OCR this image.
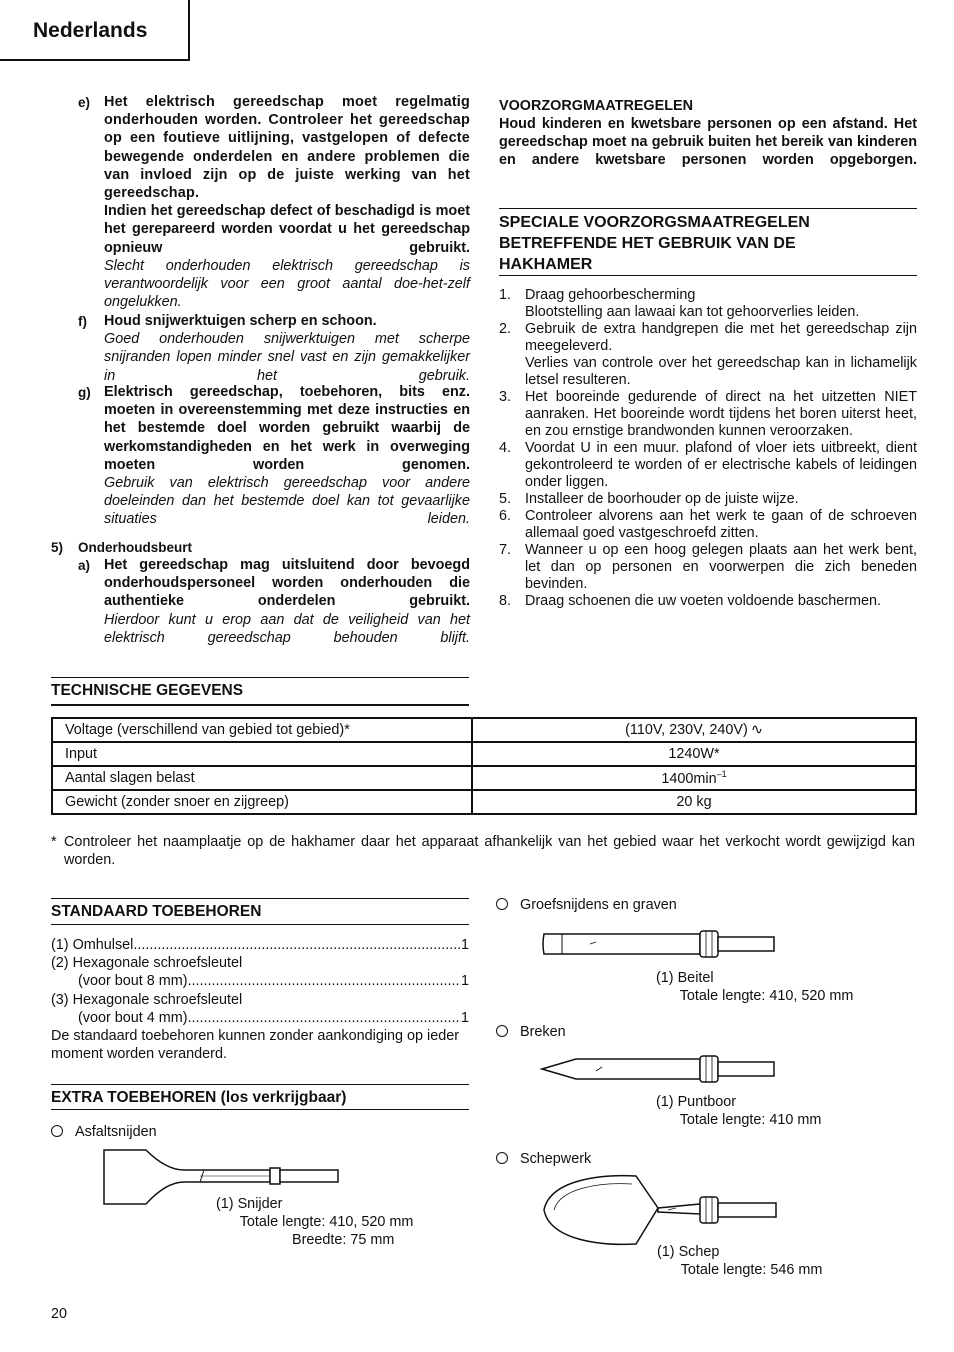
Nederlands
e) Het elektrisch gereedschap moet regelmatig onderhouden worden. Controleer het gereedschap op een foutieve uitlijning, vastgelopen of defecte bewegende onderdelen en andere problemen die van invloed zijn op de juiste werking van het gereedschap.
Indien het gereedschap defect of beschadigd is moet het gerepareerd worden voordat u het gereedschap opnieuw gebruikt.
Slecht onderhouden elektrisch gereedschap is verantwoordelijk voor een groot aantal doe-het-zelf ongelukken.
f) Houd snijwerktuigen scherp en schoon.
Goed onderhouden snijwerktuigen met scherpe snijranden lopen minder snel vast en zijn gemakkelijker in het gebruik.
g) Elektrisch gereedschap, toebehoren, bits enz. moeten in overeenstemming met deze instructies en het bestemde doel worden gebruikt waarbij de werkomstandigheden en het werk in overweging moeten worden genomen.
Gebruik van elektrisch gereedschap voor andere doeleinden dan het bestemde doel kan tot gevaarlijke situaties leiden.
5) Onderhoudsbeurt
a) Het gereedschap mag uitsluitend door bevoegd onderhoudspersoneel worden onderhouden die authentieke onderdelen gebruikt.
Hierdoor kunt u erop aan dat de veiligheid van het elektrisch gereedschap behouden blijft.
VOORZORGMAATREGELEN
Houd kinderen en kwetsbare personen op een afstand. Het gereedschap moet na gebruik buiten het bereik van kinderen en andere kwetsbare personen worden opgeborgen.
SPECIALE VOORZORGSMAATREGELEN BETREFFENDE HET GEBRUIK VAN DE HAKHAMER
1. Draag gehoorbescherming
Blootstelling aan lawaai kan tot gehoorverlies leiden.
2. Gebruik de extra handgrepen die met het gereedschap zijn meegeleverd.
Verlies van controle over het gereedschap kan in lichamelijk letsel resulteren.
3. Het booreinde gedurende of direct na het uitzetten NIET aanraken. Het booreinde wordt tijdens het boren uiterst heet, en zou ernstige brandwonden kunnen veroorzaken.
4. Voordat U in een muur. plafond of vloer iets uitbreekt, dient gekontroleerd te worden of er electrische kabels of leidingen onder liggen.
5. Installeer de boorhouder op de juiste wijze.
6. Controleer alvorens aan het werk te gaan of de schroeven allemaal goed vastgeschroefd zitten.
7. Wanneer u op een hoog gelegen plaats aan het werk bent, let dan op personen en voorwerpen die zich beneden bevinden.
8. Draag schoenen die uw voeten voldoende baschermen.
TECHNISCHE GEGEVENS
Voltage (verschillend van gebied tot gebied)*	(110V, 230V, 240V) ∿
Input	1240W*
Aantal slagen belast	$1400\min^{-1}$
Gewicht (zonder snoer en zijgreep)	20 kg
* Controleer het naamplaatje op de hakhamer daar het apparaat afhankelijk van het gebied waar het verkocht wordt gewijzigd kan worden.
STANDAARD TOEBEHOREN
(1) Omhulsel .....	1
(2) Hexagonale schroefsleutel
(voor bout 8 mm) .....	1
(3) Hexagonale schroefsleutel
(voor bout 4 mm) .....	1
De standaard toebehoren kunnen zonder aankondiging op ieder moment worden veranderd.
EXTRA TOEBEHOREN (los verkrijgbaar)
Asfaltsnijden
(1) Snijder
Totale lengte: 410, 520 mm
Breedte: 75 mm
Groefsnijdens en graven
(1) Beitel
Totale lengte: 410, 520 mm
Breken
(1) Puntboor
Totale lengte: 410 mm
Schepwerk
(1) Schep
Totale lengte: 546 mm
20
